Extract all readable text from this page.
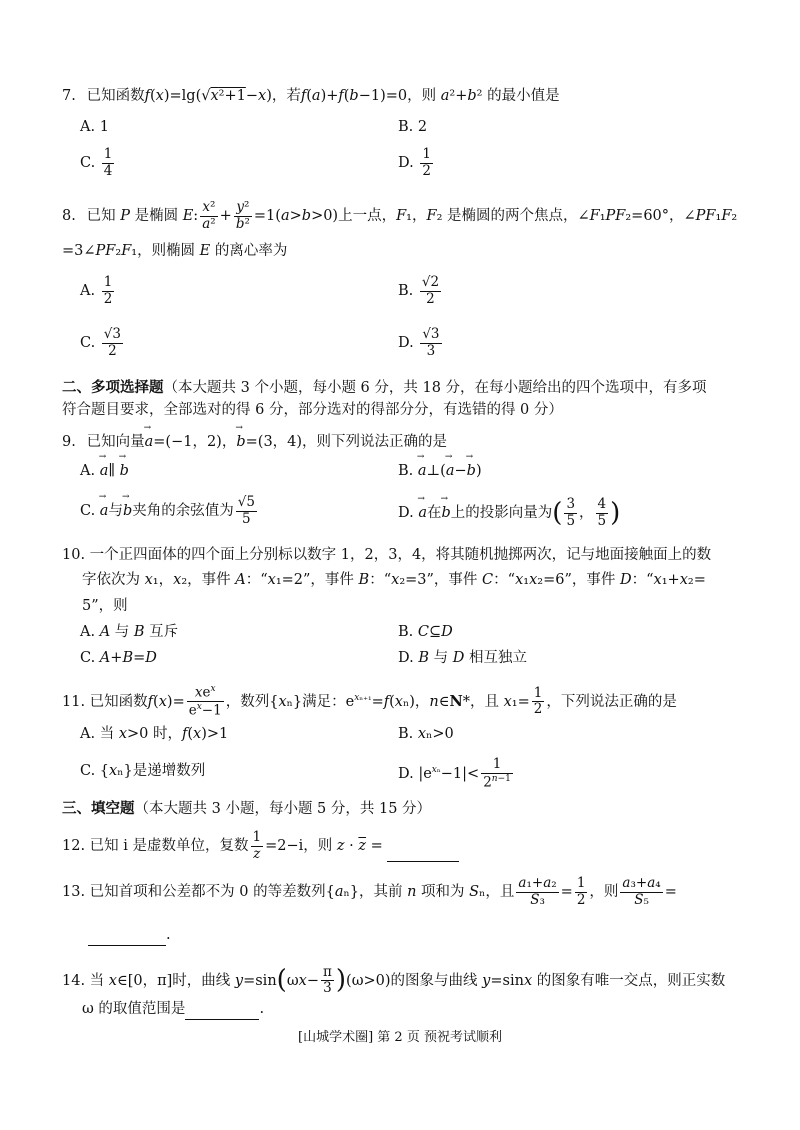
7. 已知函数f(x)=lg(√x²+1−x)，若f(a)+f(b−1)=0，则 a²+b² 的最小值是
A. 1	B. 2
C. $\frac{1}{4}$	D. $\frac{1}{2}$
8. 已知 P 是椭圆 E: $\frac{\text{x²}}{\text{a²}} + \frac{\text{y²}}{\text{b²}} =1(a>b>0)$上一点，F₁，F₂ 是椭圆的两个焦点，∠F₁PF₂=60°，∠PF₁F₂
=3∠PF₂F₁，则椭圆 E 的离心率为
A. $\frac{1}{2}$	B. $\frac{√2}{2}$
C. $\frac{√3}{2}$	D. $\frac{√3}{3}$
二、多项选择题（本大题共 3 个小题，每小题 6 分，共 18 分，在每小题给出的四个选项中，有多项
符合题目要求，全部选对的得 6 分，部分选对的得部分分，有选错的得 0 分）
9. 已知向量→ a=(−1，2)，→ b=(3，4)，则下列说法正确的是
A. → a∥ → b	B. → a⊥(→ a−→ b)
C. → a与→ b夹角的余弦值为 $\frac{√5}{5}$	D. → a在→ b上的投影向量为( $\frac{3}{5}$ ， $\frac{4}{5}$ )
10. 一个正四面体的四个面上分别标以数字 1，2，3，4，将其随机抛掷两次，记与地面接触面上的数
字依次为 x₁，x₂，事件 A：“x₁=2”，事件 B：“x₂=3”，事件 C：“x₁x₂=6”，事件 D：“x₁+x₂=
5”，则
A. A 与 B 互斥	B. C⊆D
C. A+B=D	D. B 与 D 相互独立
11. 已知函数$f(x)= \frac{xe^x}{e^x-1}$ ，数列{xₙ}满足：$e^{x_{n+1}}=f(x_n)$，n∈N*，且 $x_1= \frac{1}{2}$ ，下列说法正确的是
A. 当 x>0 时，f(x)>1	B. xₙ>0
C. {xₙ}是递增数列	D. $|e^{x_n}-1|< \frac{1}{2^{n-1}}$
三、填空题（本大题共 3 小题，每小题 5 分，共 15 分）
12. 已知 i 是虚数单位，复数 $\frac{1}{z} =2-i$，则 $z \cdot \overline{z}$ =
13. 已知首项和公差都不为 0 的等差数列{aₙ}，其前 n 项和为 Sₙ，且 $\frac{\text{a₁+a₂}}{\text{S₃}} = \frac{1}{2}$ ，则 $\frac{\text{a₃+a₄}}{\text{S₅}}$ =
.
14. 当 x∈[0，π]时，曲线 $y=\sin(\omega x- \frac{\pi}{3} )(\omega>0)$的图象与曲线 y=sinx 的图象有唯一交点，则正实数
ω 的取值范围是	.
[山城学术圈] 第 2 页 预祝考试顺利
